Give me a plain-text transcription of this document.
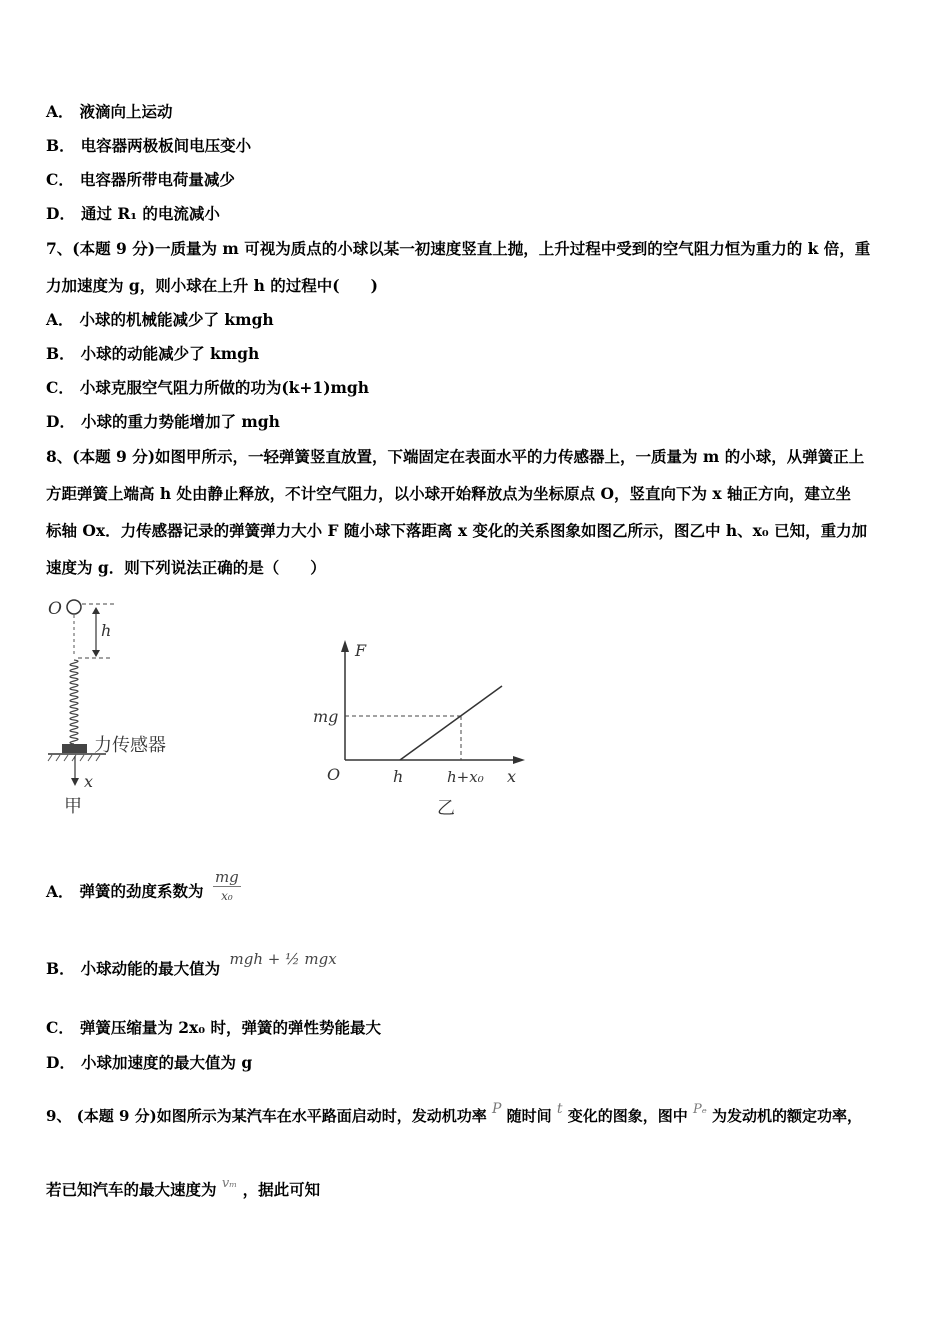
A． 液滴向上运动
B． 电容器两极板间电压变小
C． 电容器所带电荷量减少
D． 通过 R₁ 的电流减小
7、(本题 9 分)一质量为 m 可视为质点的小球以某一初速度竖直上抛，上升过程中受到的空气阻力恒为重力的 k 倍，重
力加速度为 g，则小球在上升 h 的过程中(　　)
A． 小球的机械能减少了 kmgh
B． 小球的动能减少了 kmgh
C． 小球克服空气阻力所做的功为(k+1)mgh
D． 小球的重力势能增加了 mgh
8、(本题 9 分)如图甲所示，一轻弹簧竖直放置，下端固定在表面水平的力传感器上，一质量为 m 的小球，从弹簧正上
方距弹簧上端高 h 处由静止释放，不计空气阻力，以小球开始释放点为坐标原点 O，竖直向下为 x 轴正方向，建立坐
标轴 Ox．力传感器记录的弹簧弹力大小 F 随小球下落距离 x 变化的关系图象如图乙所示，图乙中 h、x₀ 已知，重力加
速度为 g．则下列说法正确的是（　　）
O
h
力传感器
x
甲
F
O	h	h+x₀ x
mg
乙
A． 弹簧的劲度系数为 $\frac{mg}{\text{x₀}}$
B． 小球动能的最大值为 mgh + ½ mgx
C． 弹簧压缩量为 2x₀ 时，弹簧的弹性势能最大
D． 小球加速度的最大值为 g
9、 (本题 9 分)如图所示为某汽车在水平路面启动时，发动机功率 P 随时间 t 变化的图象，图中 Pₑ 为发动机的额定功率，
若已知汽车的最大速度为 $^{v_m}$ ，据此可知
